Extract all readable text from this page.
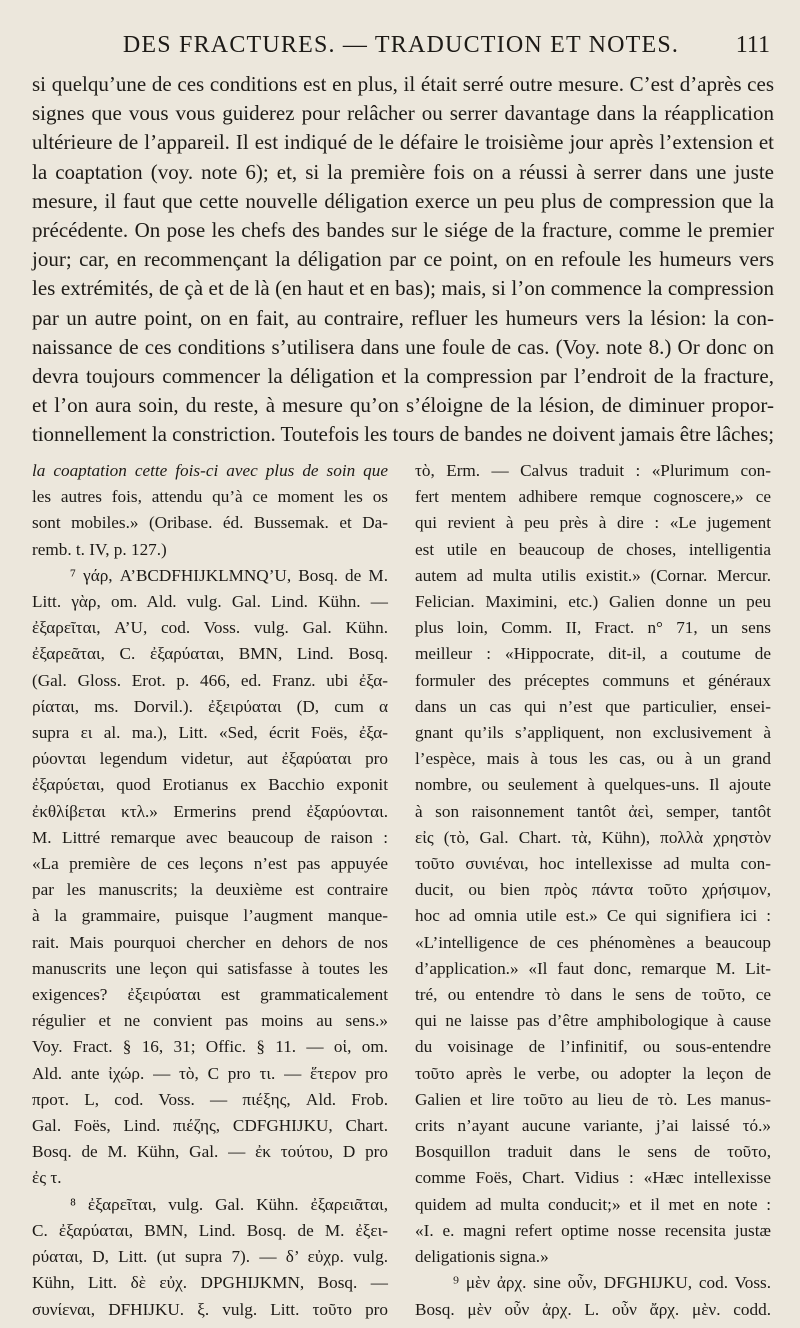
DES FRACTURES. — TRADUCTION ET NOTES.	111
si quelqu’une de ces conditions est en plus, il était serré outre mesure. C’est d’après ces
signes que vous vous guiderez pour relâcher ou serrer davantage dans la réapplication
ultérieure de l’appareil. Il est indiqué de le défaire le troisième jour après l’extension et
la coaptation (voy. note 6); et, si la première fois on a réussi à serrer dans une juste
mesure, il faut que cette nouvelle déligation exerce un peu plus de compression que la
précédente. On pose les chefs des bandes sur le siége de la fracture, comme le premier
jour; car, en recommençant la déligation par ce point, on en refoule les humeurs vers
les extrémités, de çà et de là (en haut et en bas); mais, si l’on commence la compression
par un autre point, on en fait, au contraire, refluer les humeurs vers la lésion: la con-
naissance de ces conditions s’utilisera dans une foule de cas. (Voy. note 8.) Or donc on
devra toujours commencer la déligation et la compression par l’endroit de la fracture,
et l’on aura soin, du reste, à mesure qu’on s’éloigne de la lésion, de diminuer propor-
tionnellement la constriction. Toutefois les tours de bandes ne doivent jamais être lâches;
la coaptation cette fois-ci avec plus de soin que
les autres fois, attendu qu’à ce moment les os
sont mobiles.» (Oribase. éd. Bussemak. et Da-
remb. t. IV, p. 127.)
⁷ γάρ, A’BCDFHIJKLMNQ’U, Bosq. de M.
Litt. γὰρ, om. Ald. vulg. Gal. Lind. Kühn. —
ἐξαρεῖται, A’U, cod. Voss. vulg. Gal. Kühn.
ἐξαρεᾶται, C. ἐξαρύαται, BMN, Lind. Bosq.
(Gal. Gloss. Erot. p. 466, ed. Franz. ubi ἐξα-
ρίαται, ms. Dorvil.). ἐξειρύαται (D, cum α
supra ει al. ma.), Litt. «Sed, écrit Foës, ἐξα-
ρύονται legendum videtur, aut ἐξαρύαται pro
ἐξαρύεται, quod Erotianus ex Bacchio exponit
ἐκθλίβεται κτλ.» Ermerins prend ἐξαρύονται.
M. Littré remarque avec beaucoup de raison :
«La première de ces leçons n’est pas appuyée
par les manuscrits; la deuxième est contraire
à la grammaire, puisque l’augment manque-
rait. Mais pourquoi chercher en dehors de nos
manuscrits une leçon qui satisfasse à toutes les
exigences? ἐξειρύαται est grammaticalement
régulier et ne convient pas moins au sens.»
Voy. Fract. § 16, 31; Offic. § 11. — οἱ, om.
Ald. ante ἰχώρ. — τὸ, C pro τι. — ἕτερον pro
προτ. L, cod. Voss. — πιέξης, Ald. Frob.
Gal. Foës, Lind. πιέζης, CDFGHIJKU, Chart.
Bosq. de M. Kühn, Gal. — ἐκ τούτου, D pro
ἐς τ.
⁸ ἐξαρεῖται, vulg. Gal. Kühn. ἐξαρειᾶται,
C. ἐξαρύαται, BMN, Lind. Bosq. de M. ἐξει-
ρύαται, D, Litt. (ut supra 7). — δ’ εὐχρ. vulg.
Kühn, Litt. δὲ εὐχ. DPGHIJKMN, Bosq. —
συνίεναι, DFHIJKU. ξ. vulg. Litt. τοῦτο pro
τὸ, Erm. — Calvus traduit : «Plurimum con-
fert mentem adhibere remque cognoscere,» ce
qui revient à peu près à dire : «Le jugement
est utile en beaucoup de choses, intelligentia
autem ad multa utilis existit.» (Cornar. Mercur.
Felician. Maximini, etc.) Galien donne un peu
plus loin, Comm. II, Fract. n° 71, un sens
meilleur : «Hippocrate, dit-il, a coutume de
formuler des préceptes communs et généraux
dans un cas qui n’est que particulier, ensei-
gnant qu’ils s’appliquent, non exclusivement à
l’espèce, mais à tous les cas, ou à un grand
nombre, ou seulement à quelques-uns. Il ajoute
à son raisonnement tantôt ἀεὶ, semper, tantôt
εἰς (τὸ, Gal. Chart. τὰ, Kühn), πολλὰ χρηστὸν
τοῦτο συνιέναι, hoc intellexisse ad multa con-
ducit, ou bien πρὸς πάντα τοῦτο χρήσιμον,
hoc ad omnia utile est.» Ce qui signifiera ici :
«L’intelligence de ces phénomènes a beaucoup
d’application.» «Il faut donc, remarque M. Lit-
tré, ou entendre τὸ dans le sens de τοῦτο, ce
qui ne laisse pas d’être amphibologique à cause
du voisinage de l’infinitif, ou sous-entendre
τοῦτο après le verbe, ou adopter la leçon de
Galien et lire τοῦτο au lieu de τὸ. Les manus-
crits n’ayant aucune variante, j’ai laissé τό.»
Bosquillon traduit dans le sens de τοῦτο,
comme Foës, Chart. Vidius : «Hæc intellexisse
quidem ad multa conducit;» et il met en note :
«I. e. magni refert optime nosse recensita justæ
deligationis signa.»
⁹ μὲν ἀρχ. sine οὖν, DFGHIJKU, cod. Voss.
Bosq. μὲν οὖν ἀρχ. L. οὖν ἄρχ. μὲν. codd.
